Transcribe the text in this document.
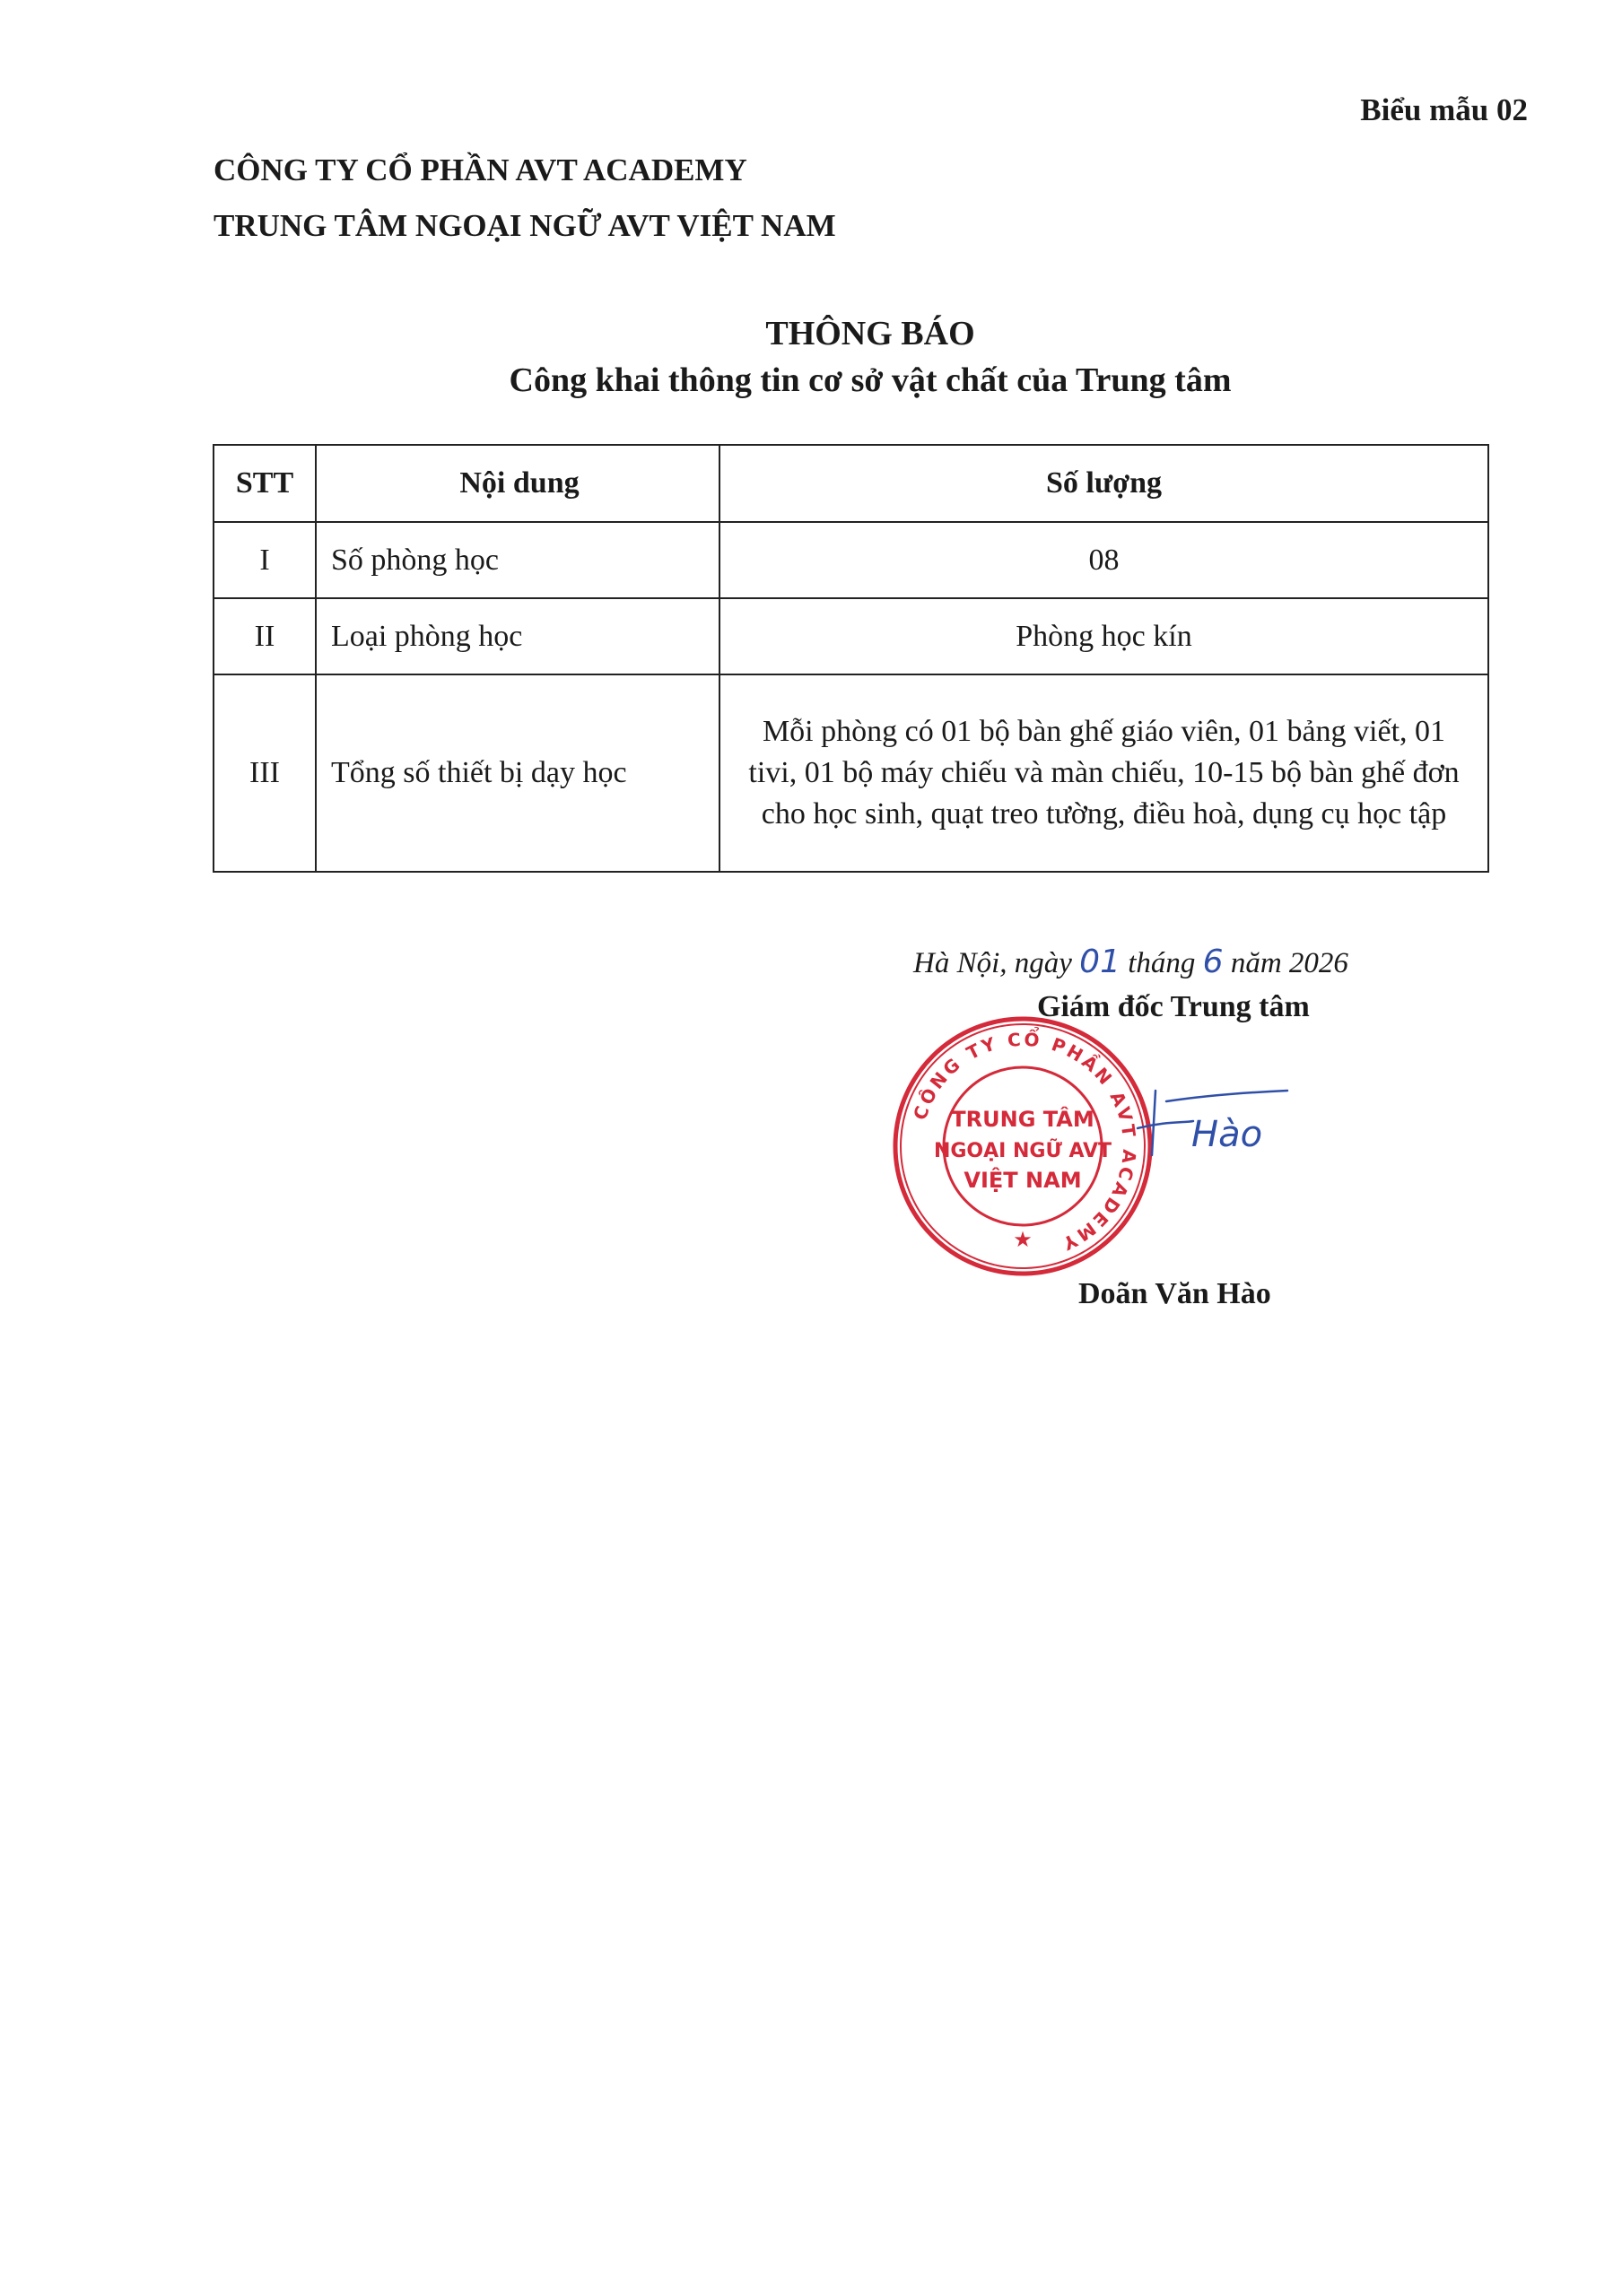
Biểu mẫu 02
CÔNG TY CỔ PHẦN AVT ACADEMY
TRUNG TÂM NGOẠI NGỮ AVT VIỆT NAM
THÔNG BÁO
Công khai thông tin cơ sở vật chất của Trung tâm
STT	Nội dung	Số lượng
I	Số phòng học	08
II	Loại phòng học	Phòng học kín
III	Tổng số thiết bị dạy học	Mỗi phòng có 01 bộ bàn ghế giáo viên, 01 bảng viết, 01 tivi, 01 bộ máy chiếu và màn chiếu, 10-15 bộ bàn ghế đơn cho học sinh, quạt treo tường, điều hoà, dụng cụ học tập
Hà Nội, ngày 01 tháng 6 năm 2026
Giám đốc Trung tâm
CÔNG TY CỔ PHẦN AVT ACADEMY
TRUNG TÂM
NGOẠI NGỮ AVT
VIỆT NAM
★
Hào
Doãn Văn Hào
